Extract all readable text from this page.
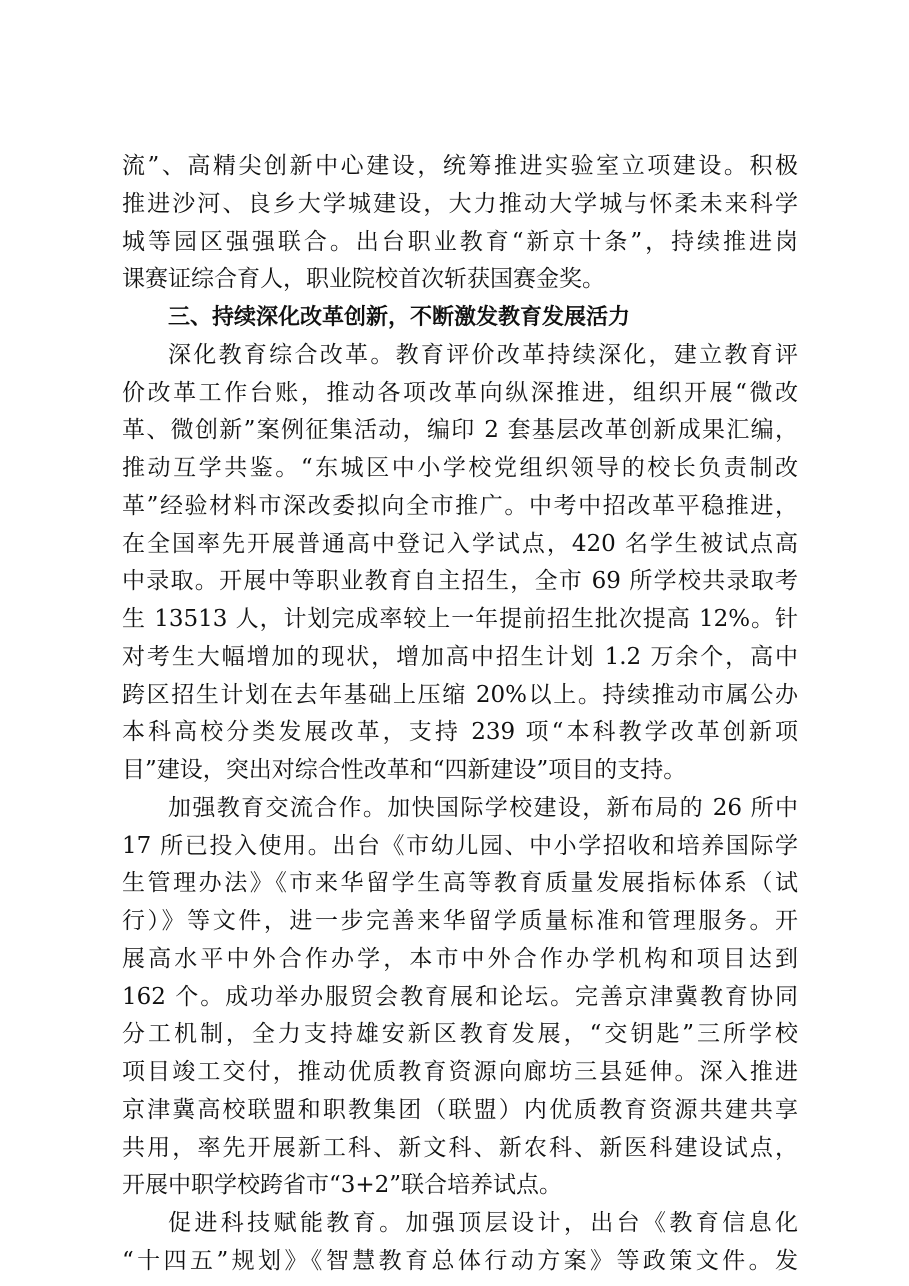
流”、高精尖创新中心建设，统筹推进实验室立项建设。积极
推进沙河、良乡大学城建设，大力推动大学城与怀柔未来科学
城等园区强强联合。出台职业教育“新京十条”，持续推进岗
课赛证综合育人，职业院校首次斩获国赛金奖。
三、持续深化改革创新，不断激发教育发展活力
深化教育综合改革。教育评价改革持续深化，建立教育评
价改革工作台账，推动各项改革向纵深推进，组织开展“微改
革、微创新”案例征集活动，编印 2 套基层改革创新成果汇编，
推动互学共鉴。“东城区中小学校党组织领导的校长负责制改
革”经验材料市深改委拟向全市推广。中考中招改革平稳推进，
在全国率先开展普通高中登记入学试点，420 名学生被试点高
中录取。开展中等职业教育自主招生，全市 69 所学校共录取考
生 13513 人，计划完成率较上一年提前招生批次提高 12%。针
对考生大幅增加的现状，增加高中招生计划 1.2 万余个，高中
跨区招生计划在去年基础上压缩 20%以上。持续推动市属公办
本科高校分类发展改革，支持 239 项“本科教学改革创新项
目”建设，突出对综合性改革和“四新建设”项目的支持。
加强教育交流合作。加快国际学校建设，新布局的 26 所中
17 所已投入使用。出台《市幼儿园、中小学招收和培养国际学
生管理办法》《市来华留学生高等教育质量发展指标体系（试
行）》等文件，进一步完善来华留学质量标准和管理服务。开
展高水平中外合作办学，本市中外合作办学机构和项目达到
162 个。成功举办服贸会教育展和论坛。完善京津冀教育协同
分工机制，全力支持雄安新区教育发展，“交钥匙”三所学校
项目竣工交付，推动优质教育资源向廊坊三县延伸。深入推进
京津冀高校联盟和职教集团（联盟）内优质教育资源共建共享
共用，率先开展新工科、新文科、新农科、新医科建设试点，
开展中职学校跨省市“3+2”联合培养试点。
促进科技赋能教育。加强顶层设计，出台《教育信息化
“十四五”规划》《智慧教育总体行动方案》等政策文件。发
